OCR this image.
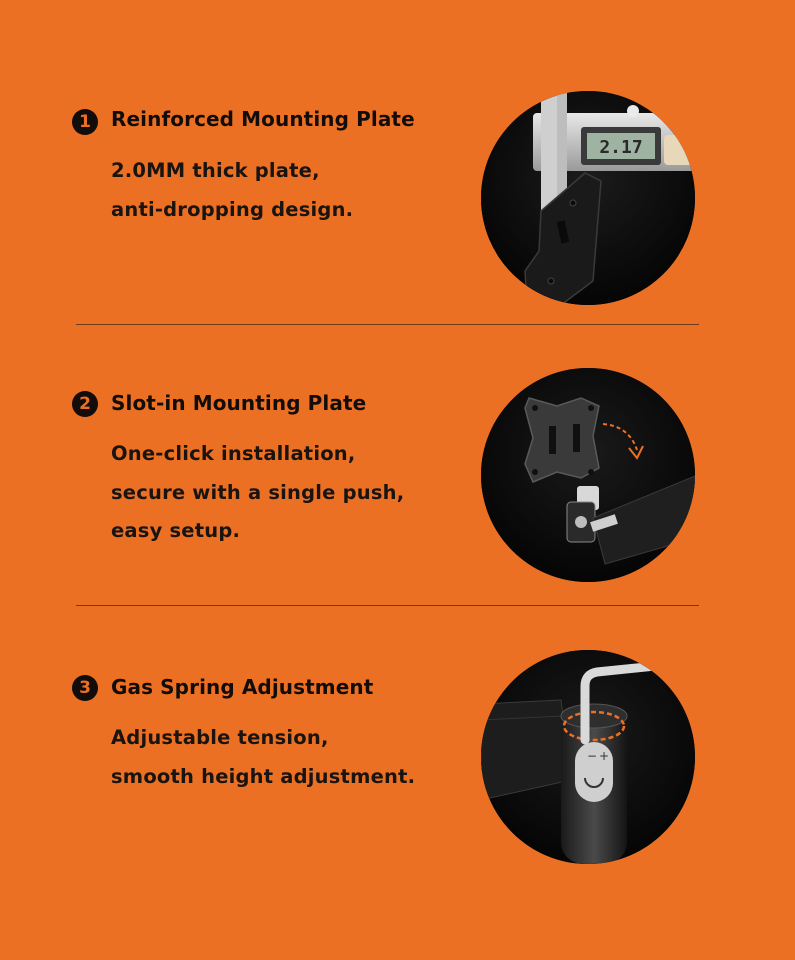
1	Reinforced Mounting Plate
2.0MM thick plate,
anti-dropping design.
2.17
2	Slot-in Mounting Plate
One-click installation,
secure with a single push,
easy setup.
3	Gas Spring Adjustment
Adjustable tension,
smooth height adjustment.
− +
